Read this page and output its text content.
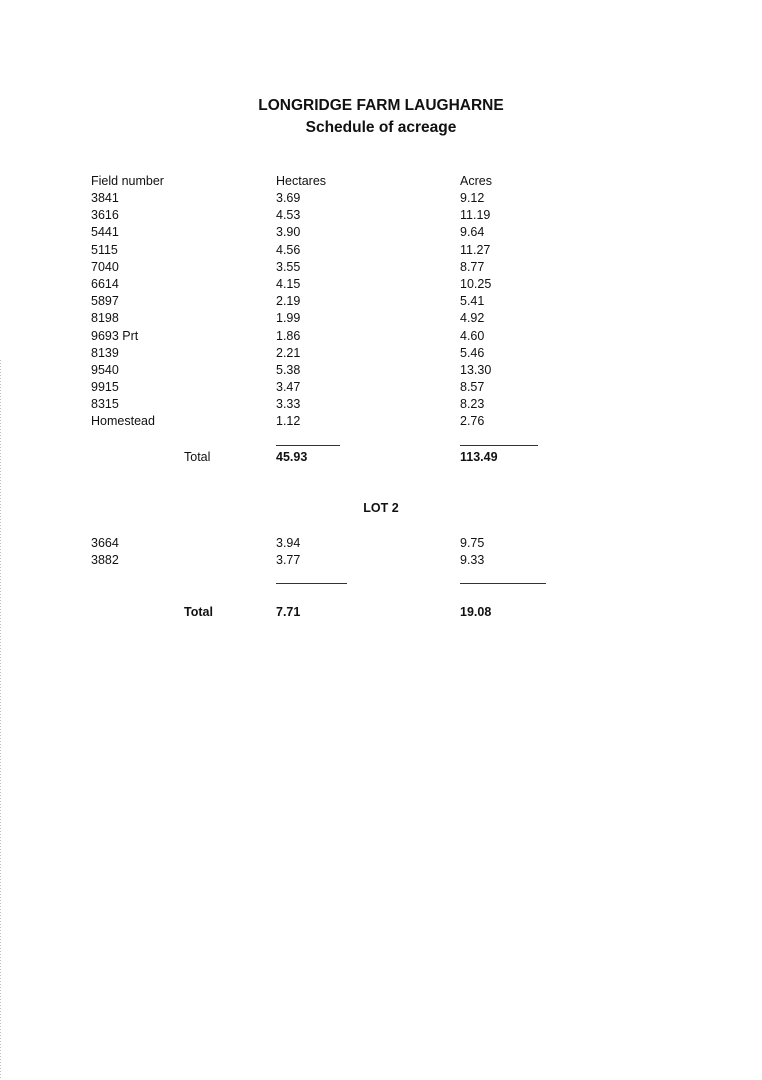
LONGRIDGE FARM LAUGHARNE
Schedule of acreage
Field number	Hectares	Acres
3841	3.69	9.12
3616	4.53	11.19
5441	3.90	9.64
5115	4.56	11.27
7040	3.55	8.77
6614	4.15	10.25
5897	2.19	5.41
8198	1.99	4.92
9693 Prt	1.86	4.60
8139	2.21	5.46
9540	5.38	13.30
9915	3.47	8.57
8315	3.33	8.23
Homestead	1.12	2.76
Total	45.93	113.49
LOT 2
3664	3.94	9.75
3882	3.77	9.33
Total	7.71	19.08
